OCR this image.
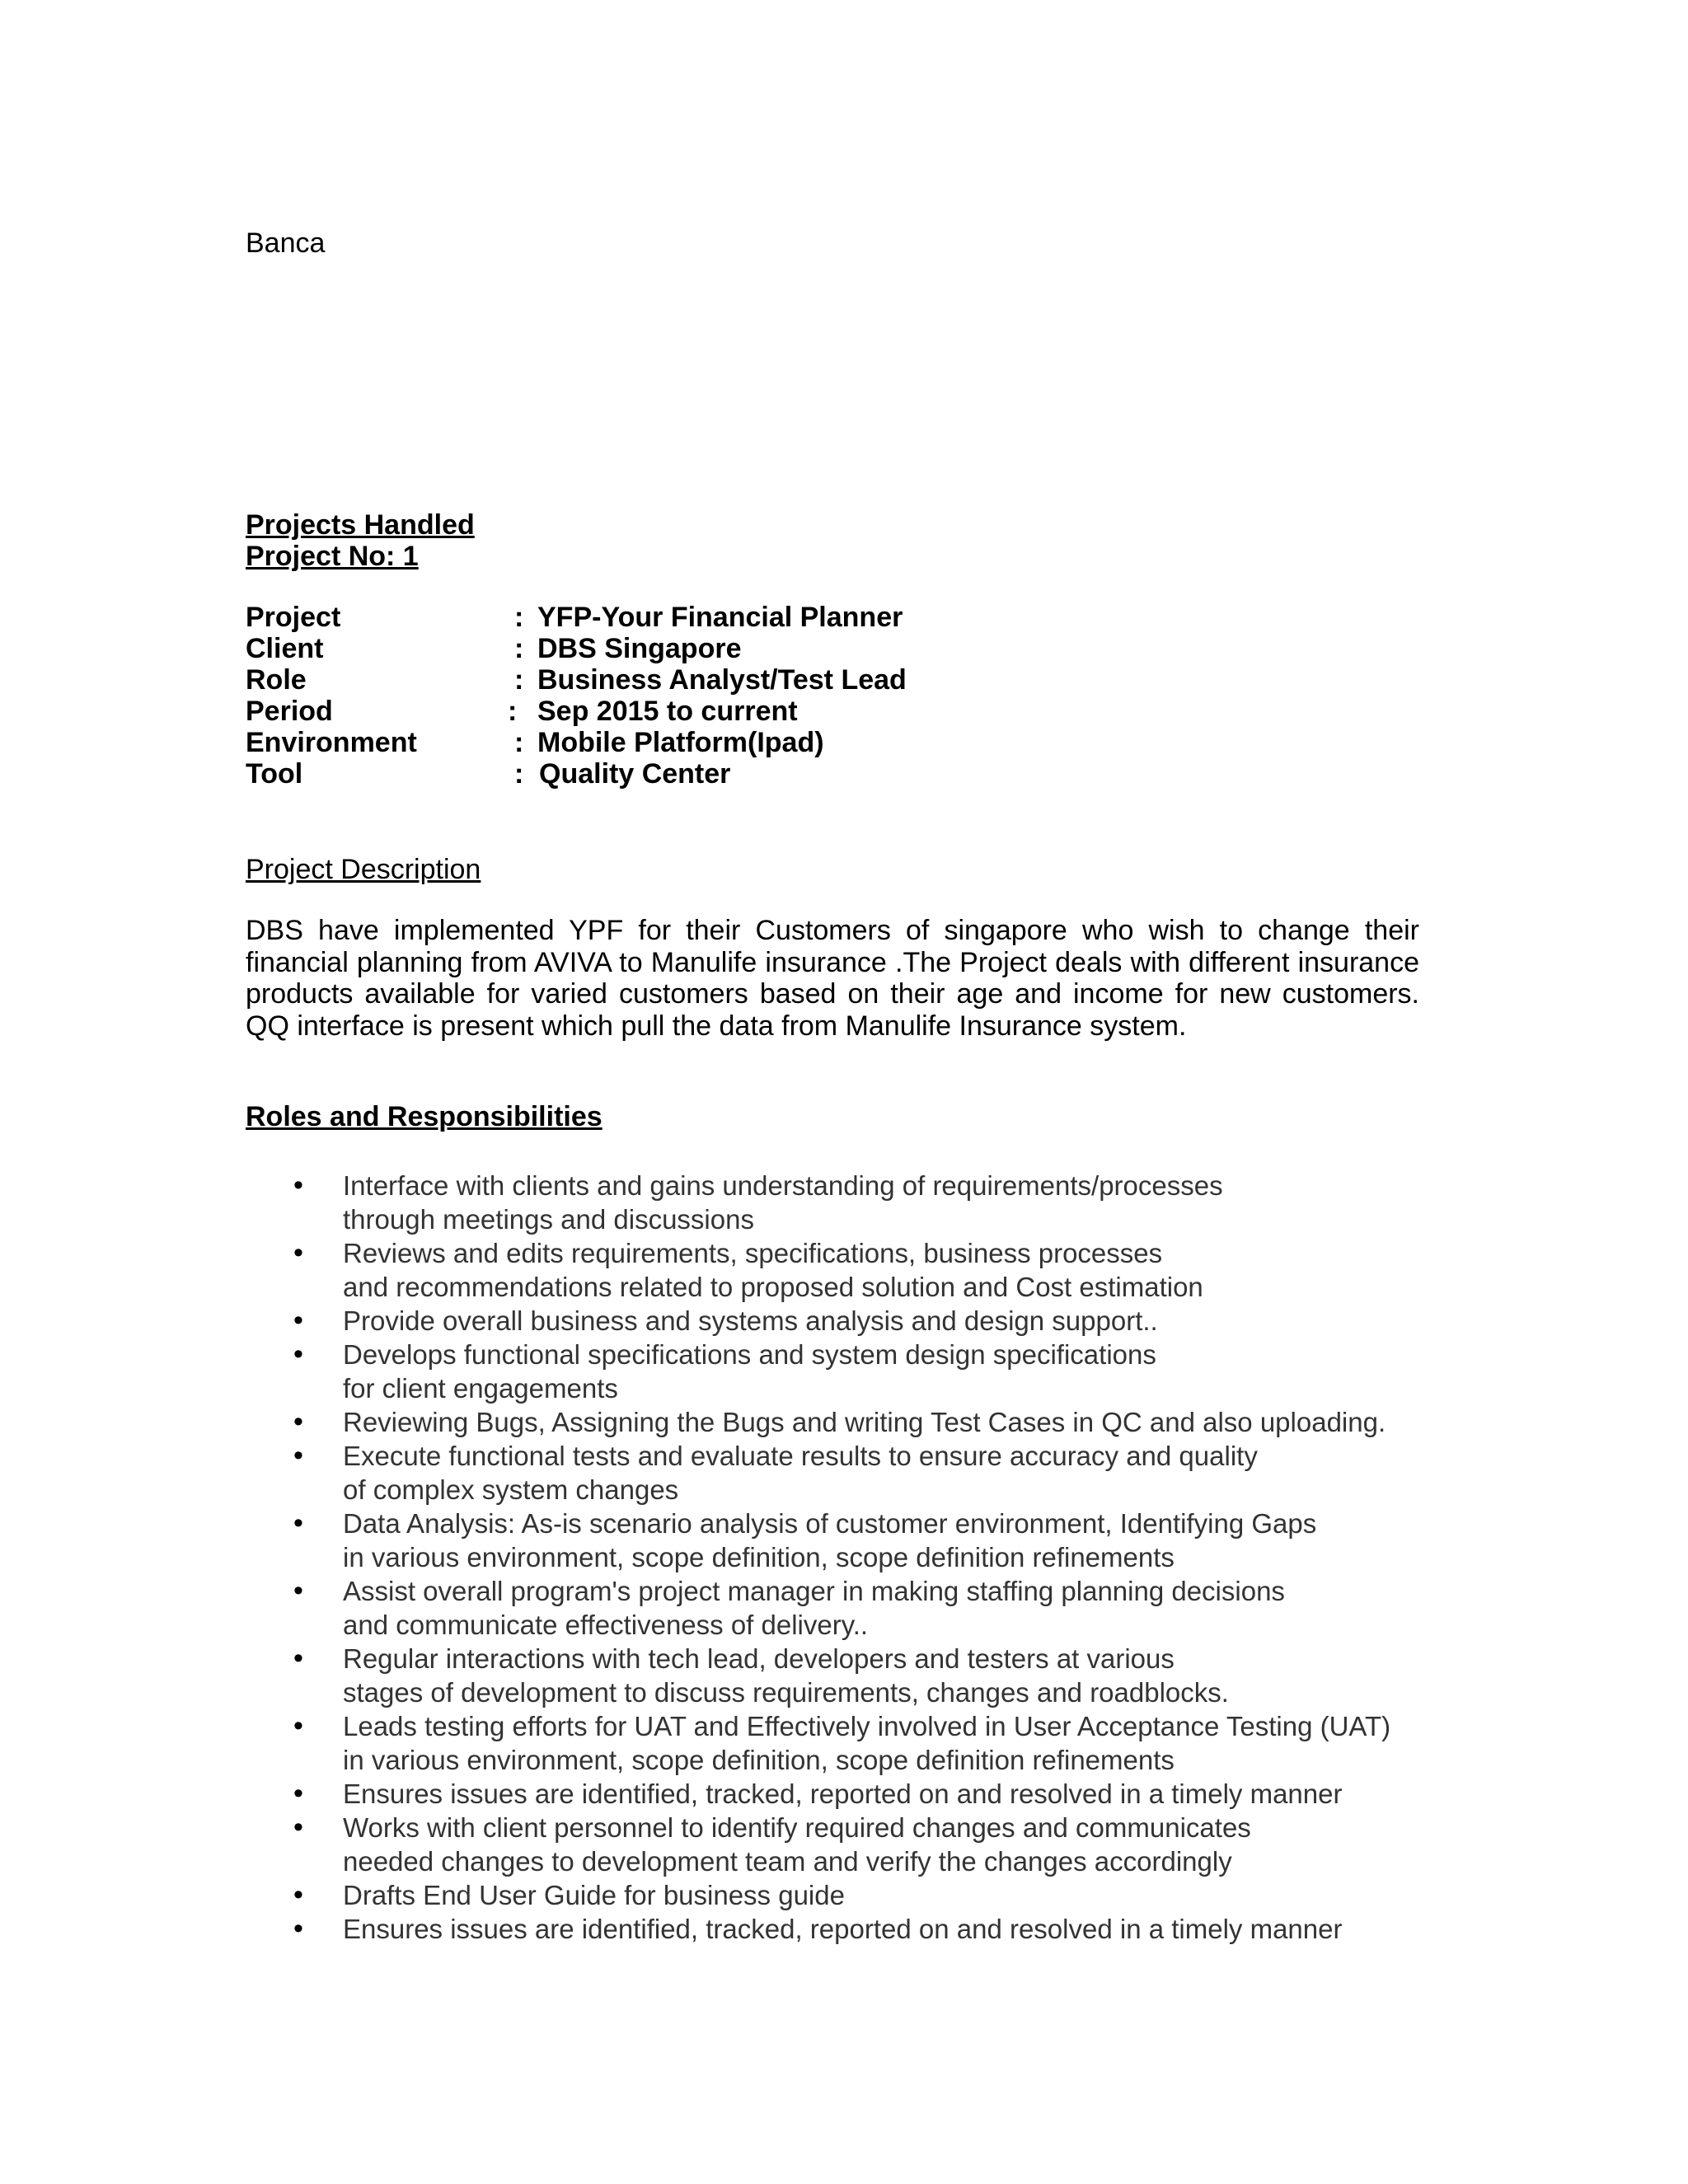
Banca
Projects Handled
Project No: 1
Project	: YFP-Your Financial Planner
Client	: DBS Singapore
Role	: Business Analyst/Test Lead
Period	: Sep 2015 to current
Environment	: Mobile Platform(Ipad)
Tool	: Quality Center
Project Description
DBS have implemented YPF for their Customers of singapore who wish to change their financial planning from AVIVA to Manulife insurance .The Project deals with different insurance products available for varied customers based on their age and income for new customers. QQ interface is present which pull the data from Manulife Insurance system.
Roles and Responsibilities
• Interface with clients and gains understanding of requirements/processes
through meetings and discussions
• Reviews and edits requirements, specifications, business processes
and recommendations related to proposed solution and Cost estimation
• Provide overall business and systems analysis and design support..
• Develops functional specifications and system design specifications
for client engagements
• Reviewing Bugs, Assigning the Bugs and writing Test Cases in QC and also uploading.
• Execute functional tests and evaluate results to ensure accuracy and quality
of complex system changes
• Data Analysis: As-is scenario analysis of customer environment, Identifying Gaps
in various environment, scope definition, scope definition refinements
• Assist overall program's project manager in making staffing planning decisions
and communicate effectiveness of delivery..
• Regular interactions with tech lead, developers and testers at various
stages of development to discuss requirements, changes and roadblocks.
• Leads testing efforts for UAT and Effectively involved in User Acceptance Testing (UAT)
in various environment, scope definition, scope definition refinements
• Ensures issues are identified, tracked, reported on and resolved in a timely manner
• Works with client personnel to identify required changes and communicates
needed changes to development team and verify the changes accordingly
• Drafts End User Guide for business guide
• Ensures issues are identified, tracked, reported on and resolved in a timely manner
